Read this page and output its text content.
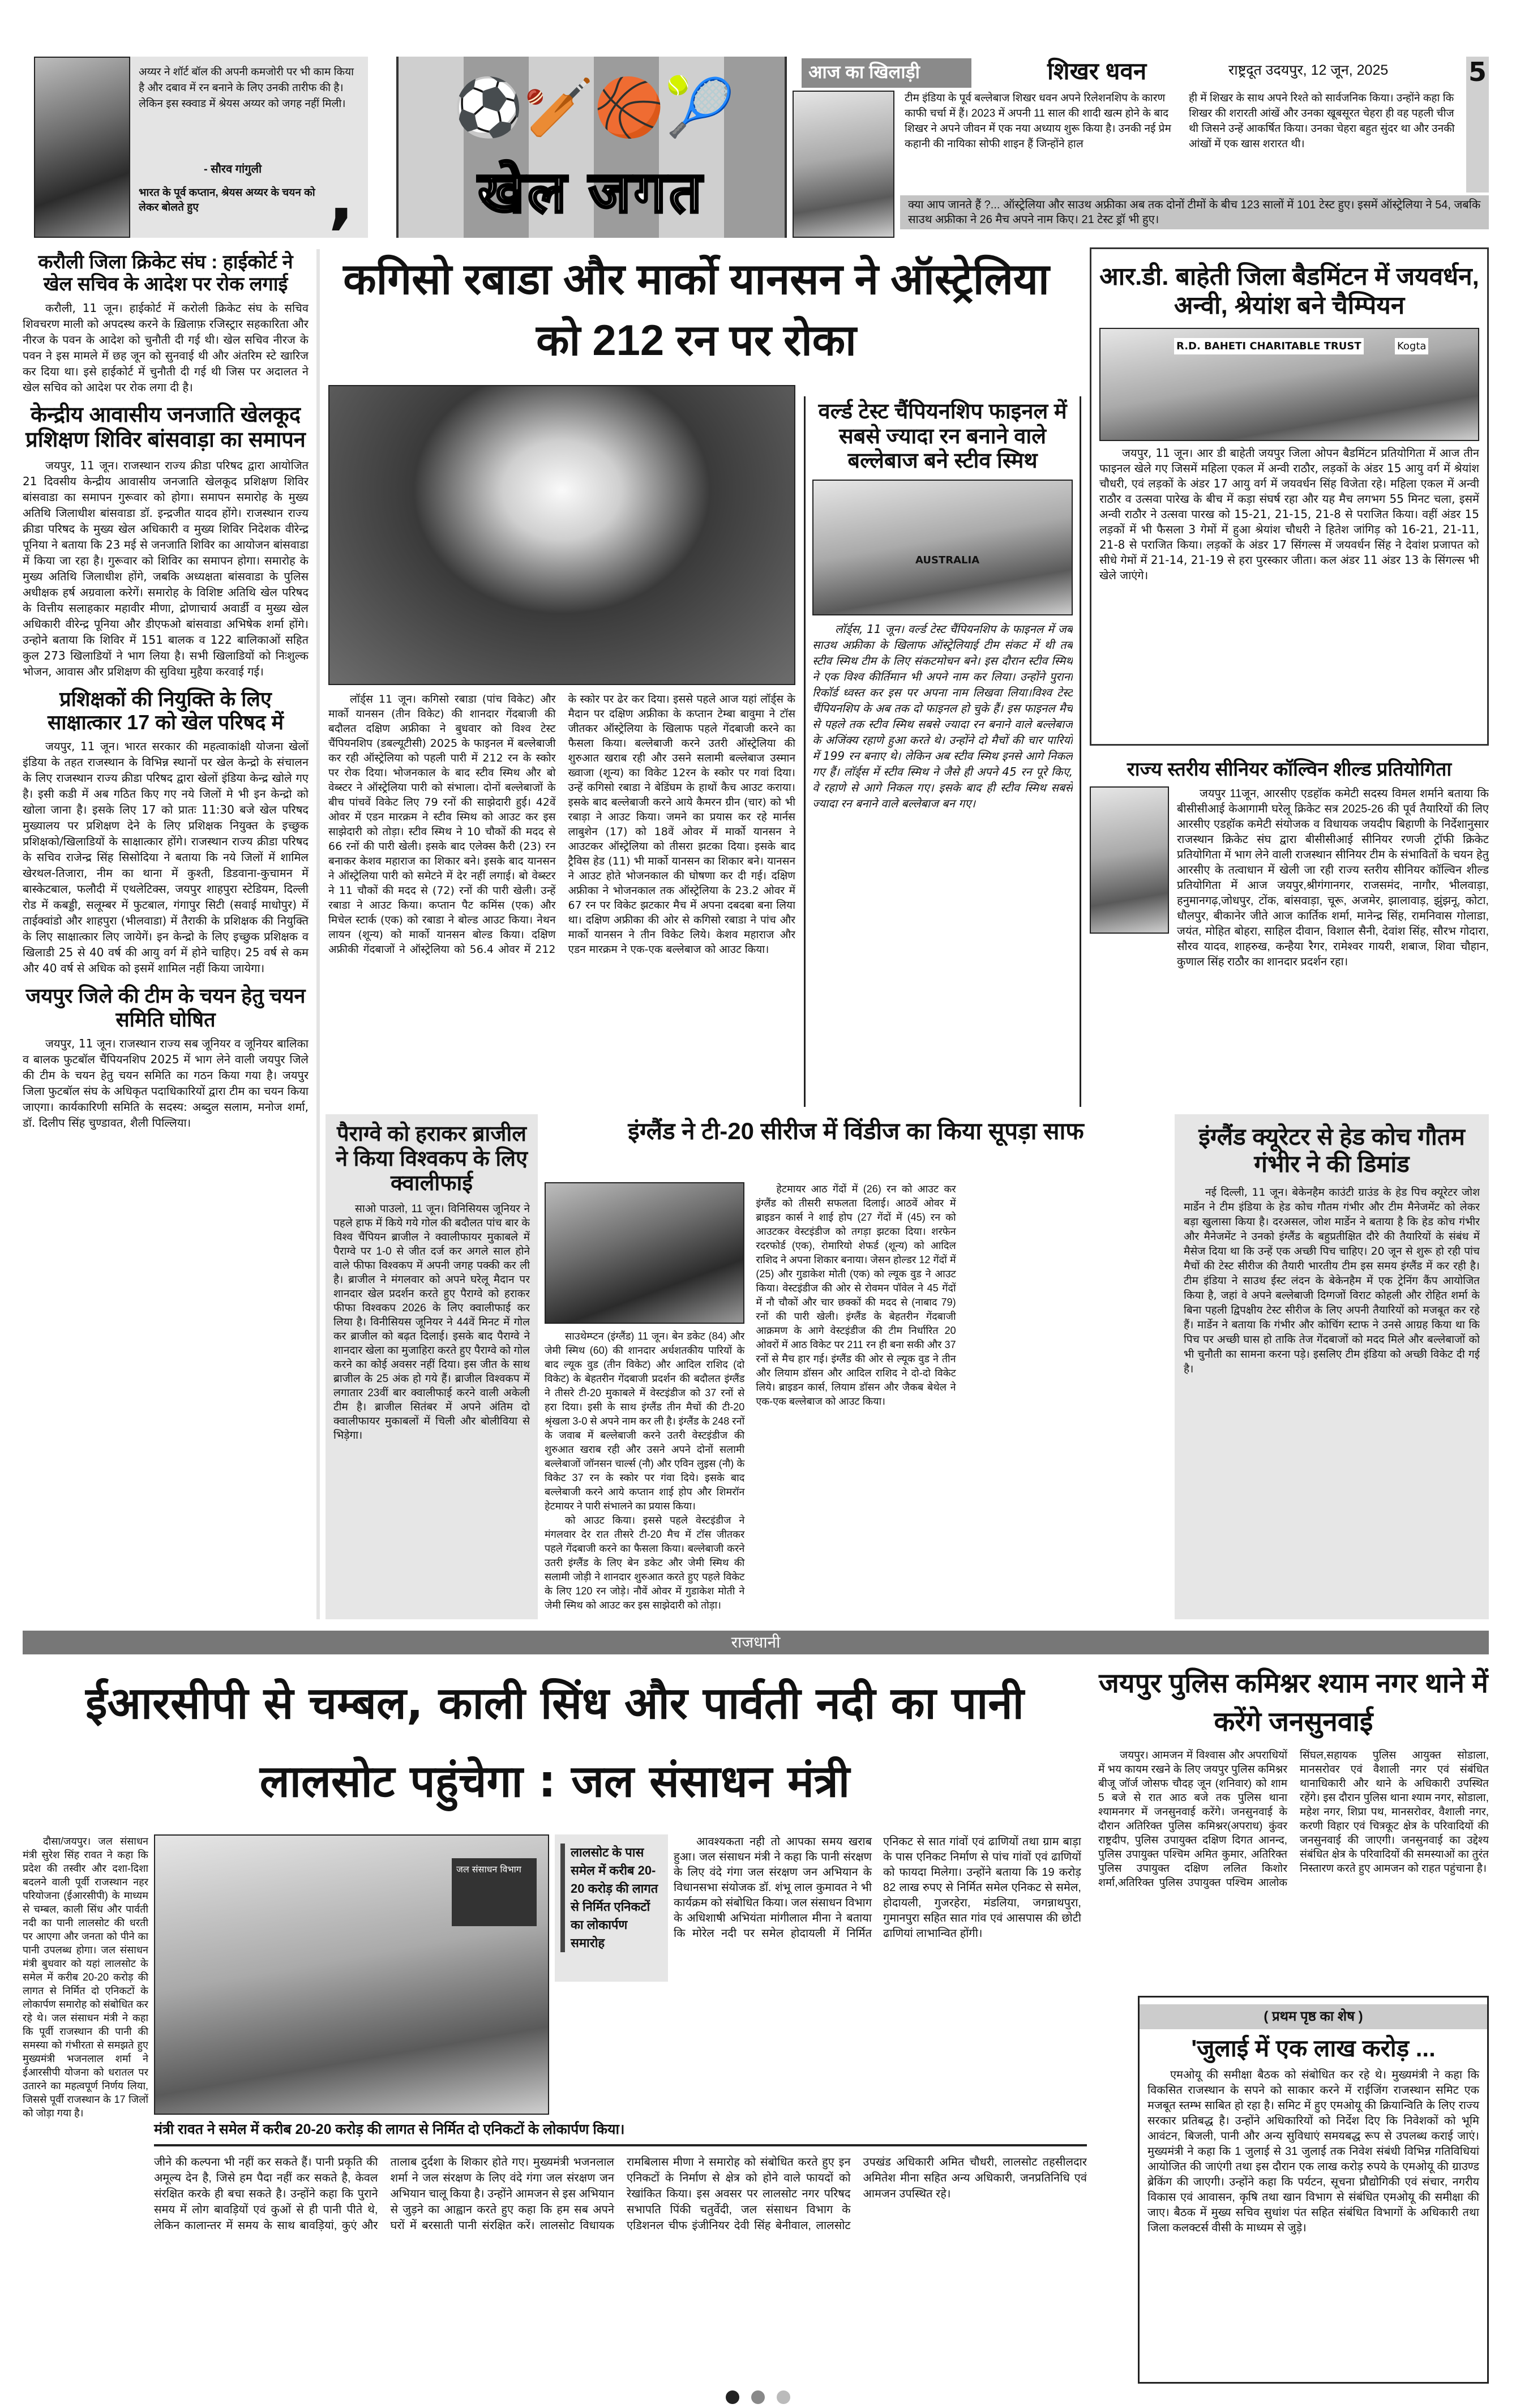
अय्यर ने शॉर्ट बॉल की अपनी कमजोरी पर भी काम किया है और दबाव में रन बनाने के लिए उनकी तारीफ की है। लेकिन इस स्क्वाड में श्रेयस अय्यर को जगह नहीं मिली।
- सौरव गांगुली
भारत के पूर्व कप्तान, श्रेयस अय्यर के चयन को लेकर बोलते हुए	,
⚽🏏🏀🎾
खेल जगत
आज का खिलाड़ी	शिखर धवन	राष्ट्रदूत उदयपुर, 12 जून, 2025	5
टीम इंडिया के पूर्व बल्लेबाज शिखर धवन अपने रिलेशनशिप के कारण काफी चर्चा में हैं। 2023 में अपनी 11 साल की शादी खत्म होने के बाद शिखर ने अपने जीवन में एक नया अध्याय शुरू किया है। उनकी नई प्रेम कहानी की नायिका सोफी शाइन हैं जिन्होंने हाल
ही में शिखर के साथ अपने रिश्ते को सार्वजनिक किया। उन्होंने कहा कि शिखर की शरारती आंखें और उनका खूबसूरत चेहरा ही वह पहली चीज थी जिसने उन्हें आकर्षित किया। उनका चेहरा बहुत सुंदर था और उनकी आंखों में एक खास शरारत थी।
क्या आप जानते हैं ?... ऑस्ट्रेलिया और साउथ अफ्रीका अब तक दोनों टीमों के बीच 123 सालों में 101 टेस्ट हुए। इसमें ऑस्ट्रेलिया ने 54, जबकि साउथ अफ्रीका ने 26 मैच अपने नाम किए। 21 टेस्ट ड्रॉ भी हुए।
करौली जिला क्रिकेट संघ : हाईकोर्ट ने खेल सचिव के आदेश पर रोक लगाई

करौली, 11 जून। हाईकोर्ट में करोली क्रिकेट संघ के सचिव शिवचरण माली को अपदस्थ करने के ख़िलाफ़ रजिस्ट्रार सहकारिता और नीरज के पवन के आदेश को चुनौती दी गई थी। खेल सचिव नीरज के पवन ने इस मामले में छह जून को सुनवाई थी और अंतरिम स्टे खारिज कर दिया था। इसे हाईकोर्ट में चुनौती दी गई थी जिस पर अदालत ने खेल सचिव को आदेश पर रोक लगा दी है।

केन्द्रीय आवासीय जनजाति खेलकूद प्रशिक्षण शिविर बांसवाड़ा का समापन

जयपुर, 11 जून। राजस्थान राज्य क्रीडा परिषद द्वारा आयोजित 21 दिवसीय केन्द्रीय आवासीय जनजाति खेलकूद प्रशिक्षण शिविर बांसवाडा का समापन गुरूवार को होगा। समापन समारोह के मुख्य अतिथि जिलाधीश बांसवाडा डॉ. इन्द्रजीत यादव होंगे। राजस्थान राज्य क्रीडा परिषद के मुख्य खेल अधिकारी व मुख्य शिविर निदेशक वीरेन्द्र पूनिया ने बताया कि 23 मई से जनजाति शिविर का आयोजन बांसवाडा में किया जा रहा है। गुरूवार को शिविर का समापन होगा। समारोह के मुख्य अतिथि जिलाधीश होंगे, जबकि अध्यक्षता बांसवाडा के पुलिस अधीक्षक हर्ष अग्रवाला करेगें। समारोह के विशिष्ट अतिथि खेल परिषद के वित्तीय सलाहकार महावीर मीणा, द्रोणाचार्य अवार्डी व मुख्य खेल अधिकारी वीरेन्द्र पूनिया और डीएफओ बांसवाडा अभिषेक शर्मा होंगे। उन्होने बताया कि शिविर में 151 बालक व 122 बालिकाओं सहित कुल 273 खिलाडियों ने भाग लिया है। सभी खिलाडियों को निःशुल्क भोजन, आवास और प्रशिक्षण की सुविधा मुहैया करवाई गई।

प्रशिक्षकों की नियुक्ति के लिए साक्षात्कार 17 को खेल परिषद में

जयपुर, 11 जून। भारत सरकार की महत्वाकांक्षी योजना खेलों इंडिया के तहत राजस्थान के विभिन्न स्थानों पर खेल केन्द्रो के संचालन के लिए राजस्थान राज्य क्रीडा परिषद द्वारा खेलों इंडिया केन्द्र खोले गए है। इसी कडी में अब गठित किए गए नये जिलों मे भी इन केन्द्रो को खोला जाना है। इसके लिए 17 को प्रातः 11:30 बजे खेल परिषद मुख्यालय पर प्रशिक्षण देने के लिए प्रशिक्षक नियुक्त के इच्छुक प्रशिक्षको/खिलाडियों के साक्षात्कार होंगे। राजस्थान राज्य क्रीडा परिषद के सचिव राजेन्द्र सिंह सिसोदिया ने बताया कि नये जिलों में शामिल खेरथल-तिजारा, नीम का थाना में कुश्ती, डिडवाना-कुचामन में बास्केटबाल, फलौदी में एथलेटिक्स, जयपुर शाहपुरा स्टेडियम, दिल्ली रोड में कबड्डी, सलूम्बर में फुटबाल, गंगापुर सिटी (सवाई माधोपुर) में ताईक्वांडो और शाहपुरा (भीलवाडा) में तैराकी के प्रशिक्षक की नियुक्ति के लिए साक्षात्कार लिए जायेगें। इन केन्द्रो के लिए इच्छुक प्रशिक्षक व खिलाडी 25 से 40 वर्ष की आयु वर्ग में होने चाहिए। 25 वर्ष से कम और 40 वर्ष से अधिक को इसमें शामिल नहीं किया जायेगा।

जयपुर जिले की टीम के चयन हेतु चयन समिति घोषित

जयपुर, 11 जून। राजस्थान राज्य सब जूनियर व जूनियर बालिका व बालक फुटबॉल चैंपियनशिप 2025 में भाग लेने वाली जयपुर जिले की टीम के चयन हेतु चयन समिति का गठन किया गया है। जयपुर जिला फुटबॉल संघ के अधिकृत पदाधिकारियों द्वारा टीम का चयन किया जाएगा। कार्यकारिणी समिति के सदस्य: अब्दुल सलाम, मनोज शर्मा, डॉ. दिलीप सिंह चुण्डावत, शैली पिल्लिया।

कगिसो रबाडा और मार्को यानसन ने ऑस्ट्रेलिया को 212 रन पर रोका

लॉर्ड्स 11 जून। कगिसो रबाडा (पांच विकेट) और मार्को यानसन (तीन विकेट) की शानदार गेंदबाजी की बदौलत दक्षिण अफ्रीका ने बुधवार को विश्व टेस्ट चैंपियनशिप (डबल्यूटीसी) 2025 के फाइनल में बल्लेबाजी कर रही ऑस्ट्रेलिया को पहली पारी में 212 रन के स्कोर पर रोक दिया। भोजनकाल के बाद स्टीव स्मिथ और बो वेब्स्टर ने ऑस्ट्रेलिया पारी को संभाला। दोनों बल्लेबाजों के बीच पांचवें विकेट लिए 79 रनों की साझेदारी हुई। 42वें ओवर में एडन मारक्रम ने स्टीव स्मिथ को आउट कर इस साझेदारी को तोड़ा। स्टीव स्मिथ ने 10 चौकों की मदद से 66 रनों की पारी खेली। इसके बाद एलेक्स कैरी (23) रन बनाकर केशव महाराज का शिकार बने। इसके बाद यानसन ने ऑस्ट्रेलिया पारी को समेटने में देर नहीं लगाई। बो वेब्स्टर ने 11 चौकों की मदद से (72) रनों की पारी खेली। उन्हें रबाडा ने आउट किया। कप्तान पैट कमिंस (एक) और मिचेल स्टार्क (एक) को रबाडा ने बोल्ड आउट किया। नेथन लायन (शून्य) को मार्को यानसन बोल्ड किया। दक्षिण अफ्रीकी गेंदबाजों ने ऑस्ट्रेलिया को 56.4 ओवर में 212 के स्कोर पर ढेर कर दिया। इससे पहले आज यहां लॉर्ड्स के मैदान पर दक्षिण अफ्रीका के कप्तान टेम्बा बावुमा ने टॉस जीतकर ऑस्ट्रेलिया के खिलाफ पहले गेंदबाजी करने का फैसला किया। बल्लेबाजी करने उतरी ऑस्ट्रेलिया की शुरुआत खराब रही और उसने सलामी बल्लेबाज उस्मान ख्वाजा (शून्य) का विकेट 12रन के स्कोर पर गवां दिया। उन्हें कगिसो रबाडा ने बेडिंघम के हाथों कैच आउट कराया। इसके बाद बल्लेबाजी करने आये कैमरन ग्रीन (चार) को भी रबाड़ा ने आउट किया। जमने का प्रयास कर रहे मार्नस लाबुशेन (17) को 18वें ओवर में मार्को यानसन ने आउटकर ऑस्ट्रेलिया को तीसरा झटका दिया। इसके बाद ट्रैविस हेड (11) भी मार्को यानसन का शिकार बने। यानसन ने आउट होते भोजनकाल की घोषणा कर दी गई। दक्षिण अफ्रीका ने भोजनकाल तक ऑस्ट्रेलिया के 23.2 ओवर में 67 रन पर विकेट झटकार मैच में अपना दबदबा बना लिया था। दक्षिण अफ्रीका की ओर से कगिसो रबाडा ने पांच और मार्को यानसन ने तीन विकेट लिये। केशव महाराज और एडन मारक्रम ने एक-एक बल्लेबाज को आउट किया।

वर्ल्ड टेस्ट चैंपियनशिप फाइनल में सबसे ज्यादा रन बनाने वाले बल्लेबाज बने स्टीव स्मिथ
AUSTRALIA

लॉर्ड्स, 11 जून। वर्ल्ड टेस्ट चैंपियनशिप के फाइनल में जब साउथ अफ्रीका के खिलाफ ऑस्ट्रेलियाई टीम संकट में थी तब स्टीव स्मिथ टीम के लिए संकटमोचन बने। इस दौरान स्टीव स्मिथ ने एक विश्व कीर्तिमान भी अपने नाम कर लिया। उन्होंने पुराना रिकॉर्ड ध्वस्त कर इस पर अपना नाम लिखवा लिया।विश्व टेस्ट चैंपियनशिप के अब तक दो फाइनल हो चुके हैं। इस फाइनल मैच से पहले तक स्टीव स्मिथ सबसे ज्यादा रन बनाने वाले बल्लेबाज के अजिंक्य रहाणे हुआ करते थे। उन्होंने दो मैचों की चार पारियों में 199 रन बनाए थे। लेकिन अब स्टीव स्मिथ इनसे आगे निकल गए हैं। लॉर्ड्स में स्टीव स्मिथ ने जैसे ही अपने 45 रन पूरे किए, वे रहाणे से आगे निकल गए। इसके बाद ही स्टीव स्मिथ सबसे ज्यादा रन बनाने वाले बल्लेबाज बन गए।

आर.डी. बाहेती जिला बैडमिंटन में जयवर्धन, अन्वी, श्रेयांश बने चैम्पियन
R.D. BAHETI CHARITABLE TRUST	Kogta

जयपुर, 11 जून। आर डी बाहेती जयपुर जिला ओपन बैडमिंटन प्रतियोगिता में आज तीन फाइनल खेले गए जिसमें महिला एकल में अन्वी राठौर, लड़कों के अंडर 15 आयु वर्ग में श्रेयांश चौधरी, एवं लड़कों के अंडर 17 आयु वर्ग में जयवर्धन सिंह विजेता रहे। महिला एकल में अन्वी राठौर व उत्सवा पारेख के बीच में कड़ा संघर्ष रहा और यह मैच लगभग 55 मिनट चला, इसमें अन्वी राठौर ने उत्सवा पारख को 15-21, 21-15, 21-8 से पराजित किया। वहीं अंडर 15 लड़कों में भी फैसला 3 गेमों में हुआ श्रेयांश चौधरी ने हितेश जांगिड़ को 16-21, 21-11, 21-8 से पराजित किया। लड़कों के अंडर 17 सिंगल्स में जयवर्धन सिंह ने देवांश प्रजापत को सीधे गेमों में 21-14, 21-19 से हरा पुरस्कार जीता। कल अंडर 11 अंडर 13 के सिंगल्स भी खेले जाएंगे।

राज्य स्तरीय सीनियर कॉल्विन शील्ड प्रतियोगिता

जयपुर 11जून, आरसीए एडहॉक कमेटी सदस्य विमल शर्माने बताया कि बीसीसीआई केआगामी घरेलू क्रिकेट सत्र 2025-26 की पूर्व तैयारियों की लिए आरसीए एडहॉक कमेटी संयोजक व विधायक जयदीप बिहाणी के निर्देशानुसार राजस्थान क्रिकेट संघ द्वारा बीसीसीआई सीनियर रणजी ट्रॉफी क्रिकेट प्रतियोगिता में भाग लेने वाली राजस्थान सीनियर टीम के संभावितों के चयन हेतु आरसीए के तत्वाधान में खेली जा रही राज्य स्तरीय सीनियर कॉल्विन शील्ड प्रतियोगिता में आज जयपुर,श्रीगंगानगर, राजसमंद, नागौर, भीलवाड़ा, हनुमानगढ़,जोधपुर, टोंक, बांसवाड़ा, चूरू, अजमेर, झालावाड़, झुंझनू, कोटा, धौलपुर, बीकानेर जीते आज कार्तिक शर्मा, मानेन्द्र सिंह, रामनिवास गोलाडा, जयंत, मोहित बोहरा, साहिल दीवान, विशाल सैनी, देवांश सिंह, सौरभ गोदारा, सौरव यादव, शाहरुख, कन्हैया रैगर, रामेश्वर गायरी, शबाज, शिवा चौहान, कुणाल सिंह राठौर का शानदार प्रदर्शन रहा।

पैराग्वे को हराकर ब्राजील ने किया विश्वकप के लिए क्वालीफाई

साओ पाउलो, 11 जून। विनिसियस जूनियर ने पहले हाफ में किये गये गोल की बदौलत पांच बार के विश्व चैंपियन ब्राजील ने क्वालीफायर मुकाबले में पैराग्वे पर 1-0 से जीत दर्ज कर अगले साल होने वाले फीफा विश्वकप में अपनी जगह पक्की कर ली है। ब्राजील ने मंगलवार को अपने घरेलू मैदान पर शानदार खेल प्रदर्शन करते हुए पैराग्वे को हराकर फीफा विश्वकप 2026 के लिए क्वालीफाई कर लिया है। विनीसियस जूनियर ने 44वें मिनट में गोल कर ब्राजील को बढ़त दिलाई। इसके बाद पैराग्वे ने शानदार खेला का मुजाहिरा करते हुए पैराग्वे को गोल करने का कोई अवसर नहीं दिया। इस जीत के साथ ब्राजील के 25 अंक हो गये हैं। ब्राजील विश्वकप में लगातार 23वीं बार क्वालीफाई करने वाली अकेली टीम है। ब्राजील सितंबर में अपने अंतिम दो क्वालीफायर मुकाबलों में चिली और बोलीविया से भिड़ेगा।

इंग्लैंड ने टी-20 सीरीज में विंडीज का किया सूपड़ा साफ

साउथेम्प्टन (इंग्लैंड) 11 जून। बेन डकेट (84) और जेमी स्मिथ (60) की शानदार अर्धशतकीय पारियों के बाद ल्यूक वुड (तीन विकेट) और आदिल राशिद (दो विकेट) के बेहतरीन गेंदबाजी प्रदर्शन की बदौलत इंग्लैंड ने तीसरे टी-20 मुकाबले में वेस्टइंडीज को 37 रनों से हरा दिया। इसी के साथ इंग्लैंड तीन मैचों की टी-20 श्रृंखला 3-0 से अपने नाम कर ली है। इंग्लैंड के 248 रनों के जवाब में बल्लेबाजी करने उतरी वेस्टइंडीज की शुरुआत खराब रही और उसने अपने दोनों सलामी बल्लेबाजों जॉनसन चार्ल्स (नौ) और एविन लुइस (नौ) के विकेट 37 रन के स्कोर पर गंवा दिये। इसके बाद बल्लेबाजी करने आये कप्तान शाई होप और शिमरॉन हेटमायर ने पारी संभालने का प्रयास किया।

को आउट किया। इससे पहले वेस्टइंडीज ने मंगलवार देर रात तीसरे टी-20 मैच में टॉस जीतकर पहले गेंदबाजी करने का फैसला किया। बल्लेबाजी करने उतरी इंग्लैंड के लिए बेन डकेट और जेमी स्मिथ की सलामी जोड़ी ने शानदार शुरुआत करते हुए पहले विकेट के लिए 120 रन जोड़े। नौवें ओवर में गुडाकेश मोती ने जेमी स्मिथ को आउट कर इस साझेदारी को तोड़ा।

हेटमायर आठ गेंदों में (26) रन को आउट कर इंग्लैंड को तीसरी सफलता दिलाई। आठवें ओवर में ब्राइडन कार्स ने शाई होप (27 गेंदों में (45) रन को आउटकर वेस्टइंडीज को तगड़ा झटका दिया। शरफेन रदरफोर्ड (एक), रोमारियो शेफर्ड (शून्य) को आदिल राशिद ने अपना शिकार बनाया। जेसन होल्डर 12 गेंदों में (25) और गुडाकेश मोती (एक) को ल्यूक वुड ने आउट किया। वेस्टइंडीज की ओर से रोवमन पॉवेल ने 45 गेंदों में नौ चौकों और चार छक्कों की मदद से (नाबाद 79) रनों की पारी खेली। इंग्लैंड के बेहतरीन गेंदबाजी आक्रमण के आगे वेस्टइंडीज की टीम निर्धारित 20 ओवरों में आठ विकेट पर 211 रन ही बना सकी और 37 रनों से मैच हार गई। इंग्लैंड की ओर से ल्यूक वुड ने तीन और लियाम डॉसन और आदिल राशिद ने दो-दो विकेट लिये। ब्राइडन कार्स, लियाम डॉसन और जैकब बेथेल ने एक-एक बल्लेबाज को आउट किया।

इंग्लैंड क्यूरेटर से हेड कोच गौतम गंभीर ने की डिमांड

नई दिल्ली, 11 जून। बेकेनहैम काउंटी ग्राउंड के हेड पिच क्यूरेटर जोश मार्डेन ने टीम इंडिया के हेड कोच गौतम गंभीर और टीम मैनेजमेंट को लेकर बड़ा खुलासा किया है। दरअसल, जोश मार्डेन ने बताया है कि हेड कोच गंभीर और मैनेजमेंट ने उनको इंग्लैंड के बहुप्रतीक्षित दौरे की तैयारियों के संबंध में मैसेज दिया था कि उन्हें एक अच्छी पिच चाहिए। 20 जून से शुरू हो रही पांच मैचों की टेस्ट सीरीज की तैयारी भारतीय टीम इस समय इंग्लैंड में कर रही है।टीम इंडिया ने साउथ ईस्ट लंदन के बेकेनहैम में एक ट्रेनिंग कैंप आयोजित किया है, जहां वे अपने बल्लेबाजी दिग्गजों विराट कोहली और रोहित शर्मा के बिना पहली द्विपक्षीय टेस्ट सीरीज के लिए अपनी तैयारियों को मजबूत कर रहे हैं। मार्डेन ने बताया कि गंभीर और कोचिंग स्टाफ ने उनसे आग्रह किया था कि पिच पर अच्छी घास हो ताकि तेज गेंदबाजों को मदद मिले और बल्लेबाजों को भी चुनौती का सामना करना पड़े। इसलिए टीम इंडिया को अच्छी विकेट दी गई है।

राजधानी
ईआरसीपी से चम्बल, काली सिंध और पार्वती नदी का पानी लालसोट पहुंचेगा : जल संसाधन मंत्री

दौसा/जयपुर। जल संसाधन मंत्री सुरेश सिंह रावत ने कहा कि प्रदेश की तस्वीर और दशा-दिशा बदलने वाली पूर्वी राजस्थान नहर परियोजना (ईआरसीपी) के माध्यम से चम्बल, काली सिंध और पार्वती नदी का पानी लालसोट की धरती पर आएगा और जनता को पीने का पानी उपलब्ध होगा। जल संसाधन मंत्री बुधवार को यहां लालसोट के समेल में करीब 20-20 करोड़ की लागत से निर्मित दो एनिकटों के लोकार्पण समारोह को संबोधित कर रहे थे। जल संसाधन मंत्री ने कहा कि पूर्वी राजस्थान की पानी की समस्या को गंभीरता से समझते हुए मुख्यमंत्री भजनलाल शर्मा ने ईआरसीपी योजना को धरातल पर उतारने का महत्वपूर्ण निर्णय लिया, जिससे पूर्वी राजस्थान के 17 जिलों को जोड़ा गया है।

जल संसाधन विभाग
लालसोट के पास समेल में करीब 20-20 करोड़ की लागत से निर्मित एनिकटों का लोकार्पण समारोह

आवश्यकता नही तो आपका समय खराब हुआ। जल संसाधन मंत्री ने कहा कि पानी संरक्षण के लिए वंदे गंगा जल संरक्षण जन अभियान के विधानसभा संयोजक डॉ. शंभू लाल कुमावत ने भी कार्यक्रम को संबोधित किया। जल संसाधन विभाग के अधिशाषी अभियंता मांगीलाल मीना ने बताया कि मोरेल नदी पर समेल होदायली में निर्मित एनिकट से सात गांवों एवं ढाणियों तथा ग्राम बाड़ा के पास एनिकट निर्माण से पांच गांवों एवं ढाणियों को फायदा मिलेगा। उन्होंने बताया कि 19 करोड़ 82 लाख रुपए से निर्मित समेल एनिकट से समेल, होदायली, गुजरहेरा, मंडलिया, जगन्नाथपुरा, गुमानपुरा सहित सात गांव एवं आसपास की छोटी ढाणियां लाभान्वित होंगी।

मंत्री रावत ने समेल में करीब 20-20 करोड़ की लागत से निर्मित दो एनिकटों के लोकार्पण किया।

जीने की कल्पना भी नहीं कर सकते हैं। पानी प्रकृति की अमूल्य देन है, जिसे हम पैदा नहीं कर सकते है, केवल संरक्षित करके ही बचा सकते है। उन्होंने कहा कि पुराने समय में लोग बावड़ियों एवं कुओं से ही पानी पीते थे, लेकिन कालान्तर में समय के साथ बावड़ियां, कुएं और तालाब दुर्दशा के शिकार होते गए। मुख्यमंत्री भजनलाल शर्मा ने जल संरक्षण के लिए वंदे गंगा जल संरक्षण जन अभियान चालू किया है। उन्होंने आमजन से इस अभियान से जुड़ने का आह्वान करते हुए कहा कि हम सब अपने घरों में बरसाती पानी संरक्षित करें। लालसोट विधायक रामबिलास मीणा ने समारोह को संबोधित करते हुए इन एनिकटों के निर्माण से क्षेत्र को होने वाले फायदों को रेखांकित किया। इस अवसर पर लालसोट नगर परिषद सभापति पिंकी चतुर्वेदी, जल संसाधन विभाग के एडिशनल चीफ इंजीनियर देवी सिंह बेनीवाल, लालसोट उपखंड अधिकारी अमित चौधरी, लालसोट तहसीलदार अमितेश मीना सहित अन्य अधिकारी, जनप्रतिनिधि एवं आमजन उपस्थित रहे।

जयपुर पुलिस कमिश्नर श्याम नगर थाने में करेंगे जनसुनवाई

जयपुर। आमजन में विश्वास और अपराधियों में भय कायम रखने के लिए जयपुर पुलिस कमिश्नर बीजू जॉर्ज जोसफ चौदह जून (शनिवार) को शाम 5 बजे से रात आठ बजे तक पुलिस थाना श्यामनगर में जनसुनवाई करेंगे। जनसुनवाई के दौरान अतिरिक्त पुलिस कमिश्नर(अपराध) कुंवर राष्ट्रदीप, पुलिस उपायुक्त दक्षिण दिगत आनन्द, पुलिस उपायुक्त पश्चिम अमित कुमार, अतिरिक्त पुलिस उपायुक्त दक्षिण ललित किशोर शर्मा,अतिरिक्त पुलिस उपायुक्त पश्चिम आलोक सिंघल,सहायक पुलिस आयुक्त सोडाला, मानसरोवर एवं वैशाली नगर एवं संबंधित थानाधिकारी और थाने के अधिकारी उपस्थित रहेंगे। इस दौरान पुलिस थाना श्याम नगर, सोडाला, महेश नगर, शिप्रा पथ, मानसरोवर, वैशाली नगर, करणी विहार एवं चित्रकूट क्षेत्र के परिवादियों की जनसुनवाई की जाएगी। जनसुनवाई का उद्देश्य संबंधित क्षेत्र के परिवादियों की समस्याओं का तुरंत निस्तारण करते हुए आमजन को राहत पहुंचाना है।

( प्रथम पृष्ठ का शेष )
'जुलाई में एक लाख करोड़ ...

एमओयू की समीक्षा बैठक को संबोधित कर रहे थे। मुख्यमंत्री ने कहा कि विकसित राजस्थान के सपने को साकार करने में राईजिंग राजस्थान समिट एक मजबूत स्तम्भ साबित हो रहा है। समिट में हुए एमओयू की क्रियान्विति के लिए राज्य सरकार प्रतिबद्ध है। उन्होंने अधिकारियों को निर्देश दिए कि निवेशकों को भूमि आवंटन, बिजली, पानी और अन्य सुविधाएं समयबद्ध रूप से उपलब्ध कराई जाएं। मुख्यमंत्री ने कहा कि 1 जुलाई से 31 जुलाई तक निवेश संबंधी विभिन्न गतिविधियां आयोजित की जाएंगी तथा इस दौरान एक लाख करोड़ रुपये के एमओयू की ग्राउण्ड ब्रेकिंग की जाएगी। उन्होंने कहा कि पर्यटन, सूचना प्रौद्योगिकी एवं संचार, नगरीय विकास एवं आवासन, कृषि तथा खान विभाग से संबंधित एमओयू की समीक्षा की जाए। बैठक में मुख्य सचिव सुधांश पंत सहित संबंधित विभागों के अधिकारी तथा जिला कलक्टर्स वीसी के माध्यम से जुड़े।
